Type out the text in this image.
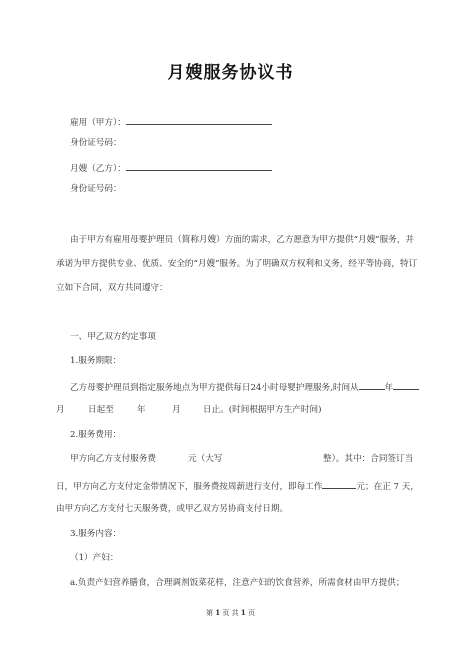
月嫂服务协议书
雇用（甲方）：
身份证号码：
月嫂（乙方）：
身份证号码：
由于甲方有雇用母婴护理员（简称月嫂）方面的需求，乙方愿意为甲方提供“月嫂”服务，并
承诺为甲方提供专业、优质、安全的“月嫂”服务。为了明确双方权利和义务，经平等协商，特订
立如下合同，双方共同遵守：
一、甲乙双方约定事项
1.服务期限：
乙方母婴护理员到指定服务地点为甲方提供每日24小时母婴护理服务,时间从	年
月	日起至	年	月	日止。(时间根据甲方生产时间)
2.服务费用：
甲方向乙方支付服务费	元（大写	整）。其中：合同签订当
日，甲方向乙方支付定金带情况下，服务费按周薪进行支付，即每工作	元；在正 7 天，
由甲方向乙方支付七天服务费，或甲乙双方另协商支付日期。
3.服务内容：
（1）产妇：
a.负责产妇营养膳食，合理调剂饭菜花样，注意产妇的饮食营养，所需食材由甲方提供；
第 1 页 共 1 页
